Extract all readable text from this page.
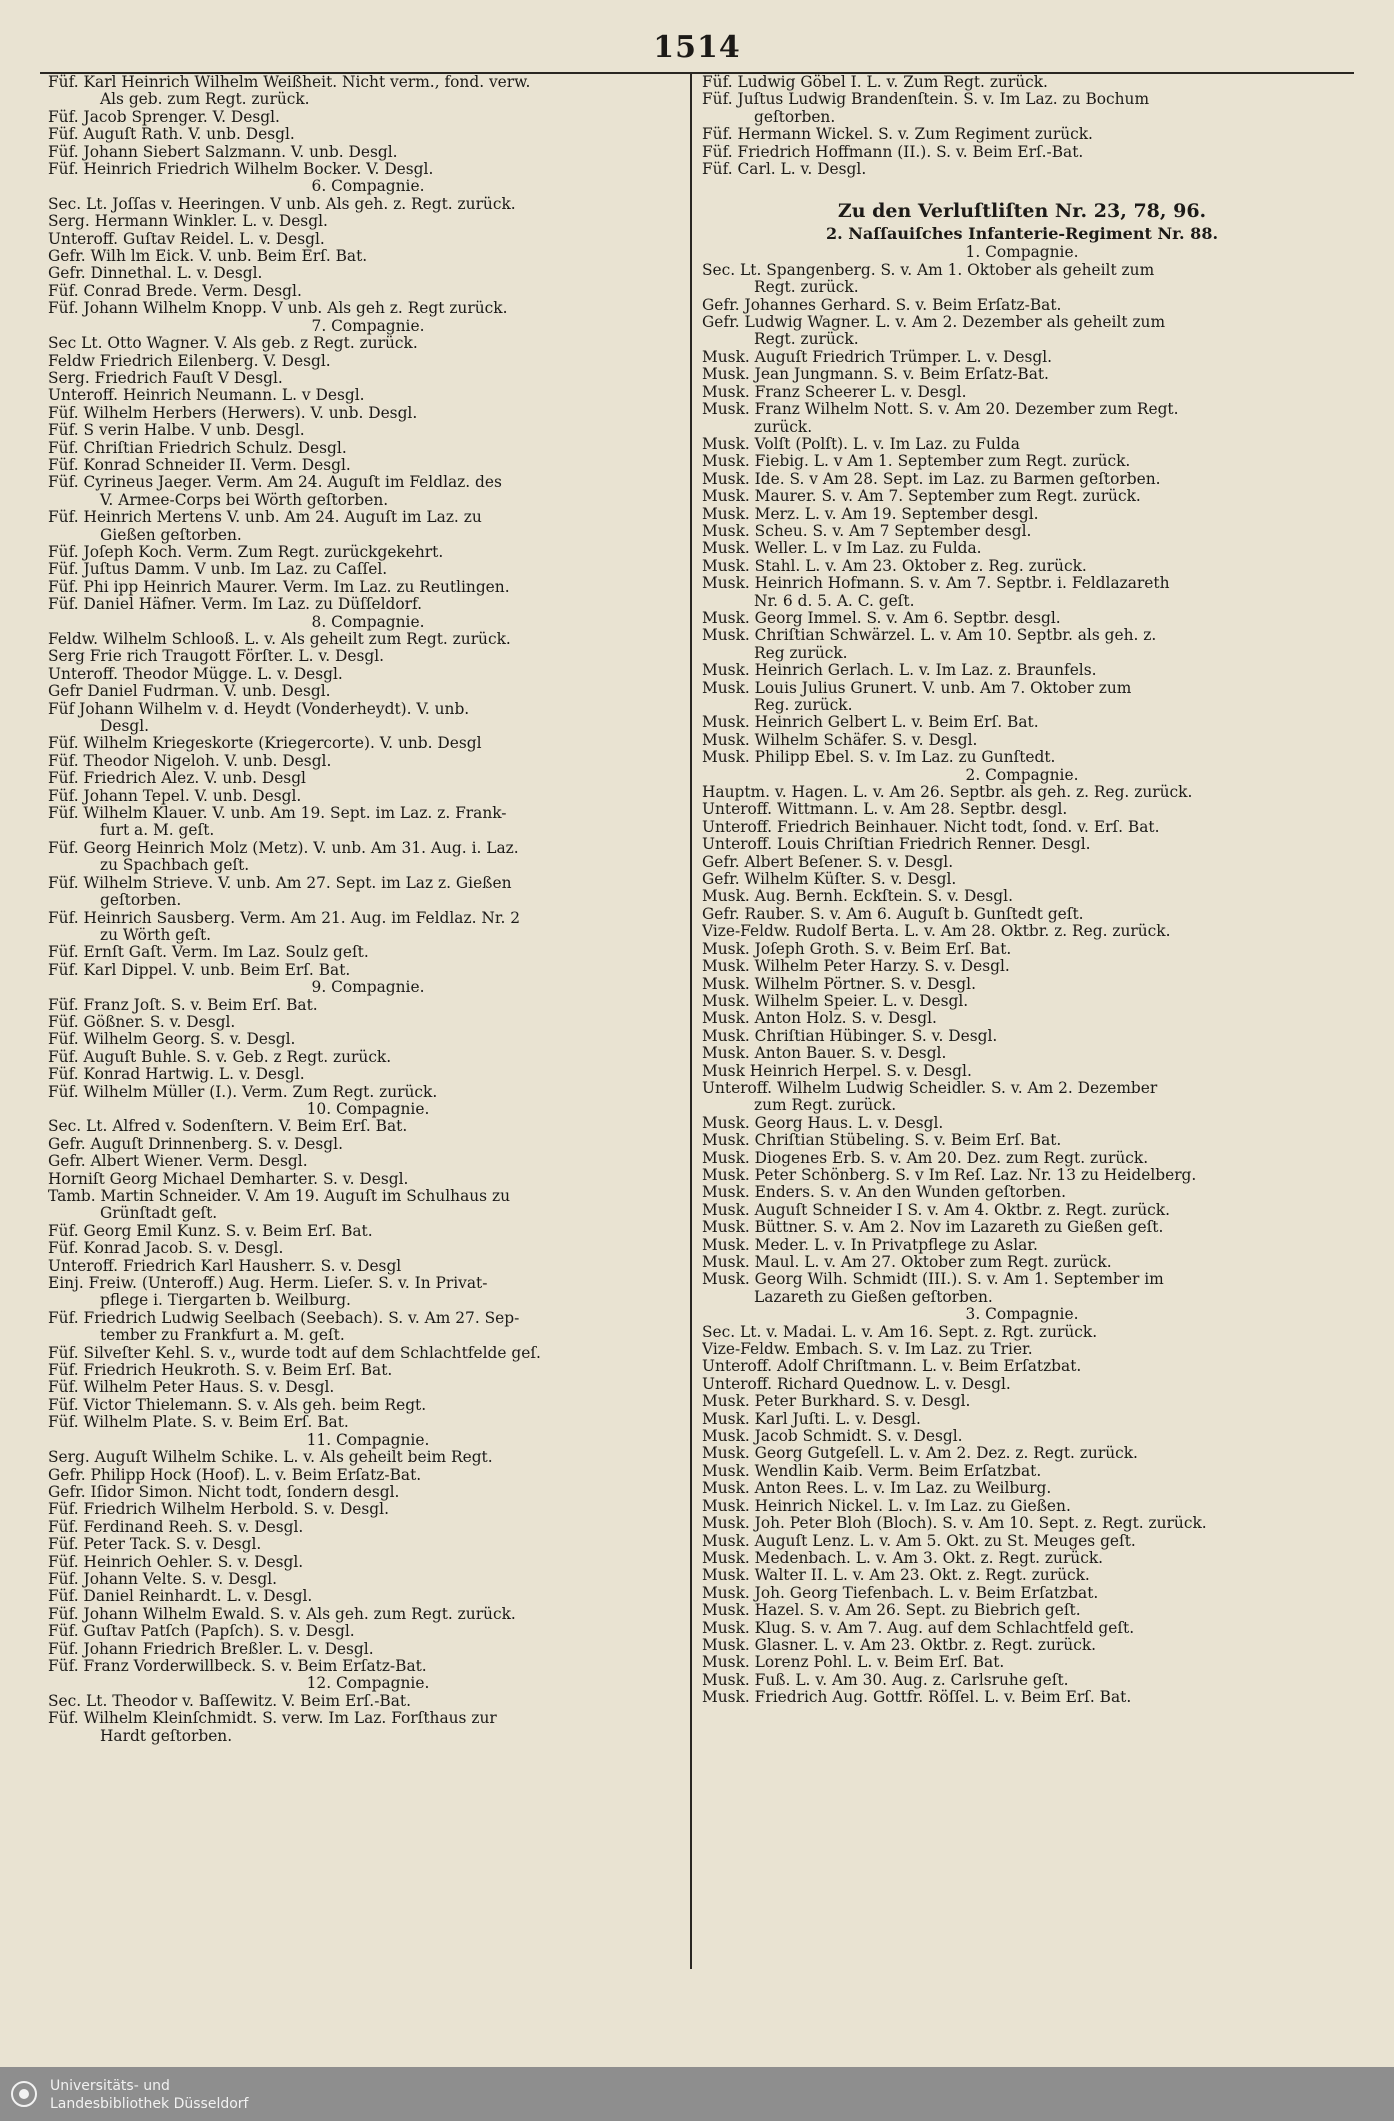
1514
Füf. Karl Heinrich Wilhelm Weißheit. Nicht verm., fond. verw.
Als geb. zum Regt. zurück.
Füf. Jacob Sprenger. V. Desgl.
Füf. Auguſt Rath. V. unb. Desgl.
Füf. Johann Siebert Salzmann. V. unb. Desgl.
Füf. Heinrich Friedrich Wilhelm Bocker. V. Desgl.
6. Compagnie.
Sec. Lt. Joſſas v. Heeringen. V unb. Als geh. z. Regt. zurück.
Serg. Hermann Winkler. L. v. Desgl.
Unteroff. Guſtav Reidel. L. v. Desgl.
Gefr. Wilh lm Eick. V. unb. Beim Erſ. Bat.
Gefr. Dinnethal. L. v. Desgl.
Füf. Conrad Brede. Verm. Desgl.
Füf. Johann Wilhelm Knopp. V unb. Als geh z. Regt zurück.
7. Compagnie.
Sec Lt. Otto Wagner. V. Als geb. z Regt. zurück.
Feldw Friedrich Eilenberg. V. Desgl.
Serg. Friedrich Fauſt V Desgl.
Unteroff. Heinrich Neumann. L. v Desgl.
Füf. Wilhelm Herbers (Herwers). V. unb. Desgl.
Füf. S verin Halbe. V unb. Desgl.
Füf. Chriſtian Friedrich Schulz. Desgl.
Füf. Konrad Schneider II. Verm. Desgl.
Füf. Cyrineus Jaeger. Verm. Am 24. Auguſt im Feldlaz. des
V. Armee-Corps bei Wörth geſtorben.
Füf. Heinrich Mertens V. unb. Am 24. Auguſt im Laz. zu
Gießen geſtorben.
Füf. Joſeph Koch. Verm. Zum Regt. zurückgekehrt.
Füf. Juſtus Damm. V unb. Im Laz. zu Caſſel.
Füf. Phi ipp Heinrich Maurer. Verm. Im Laz. zu Reutlingen.
Füf. Daniel Häfner. Verm. Im Laz. zu Düſſeldorf.
8. Compagnie.
Feldw. Wilhelm Schlooß. L. v. Als geheilt zum Regt. zurück.
Serg Frie rich Traugott Förſter. L. v. Desgl.
Unteroff. Theodor Mügge. L. v. Desgl.
Gefr Daniel Fudrman. V. unb. Desgl.
Füf Johann Wilhelm v. d. Heydt (Vonderheydt). V. unb.
Desgl.
Füf. Wilhelm Kriegeskorte (Kriegercorte). V. unb. Desgl
Füf. Theodor Nigeloh. V. unb. Desgl.
Füf. Friedrich Alez. V. unb. Desgl
Füf. Johann Tepel. V. unb. Desgl.
Füf. Wilhelm Klauer. V. unb. Am 19. Sept. im Laz. z. Frank-
furt a. M. geſt.
Füf. Georg Heinrich Molz (Metz). V. unb. Am 31. Aug. i. Laz.
zu Spachbach geſt.
Füf. Wilhelm Strieve. V. unb. Am 27. Sept. im Laz z. Gießen
geſtorben.
Füf. Heinrich Sausberg. Verm. Am 21. Aug. im Feldlaz. Nr. 2
zu Wörth geſt.
Füf. Ernſt Gaſt. Verm. Im Laz. Soulz geſt.
Füf. Karl Dippel. V. unb. Beim Erſ. Bat.
9. Compagnie.
Füf. Franz Joſt. S. v. Beim Erſ. Bat.
Füf. Gößner. S. v. Desgl.
Füf. Wilhelm Georg. S. v. Desgl.
Füf. Auguſt Buhle. S. v. Geb. z Regt. zurück.
Füf. Konrad Hartwig. L. v. Desgl.
Füf. Wilhelm Müller (I.). Verm. Zum Regt. zurück.
10. Compagnie.
Sec. Lt. Alfred v. Sodenſtern. V. Beim Erſ. Bat.
Gefr. Auguſt Drinnenberg. S. v. Desgl.
Gefr. Albert Wiener. Verm. Desgl.
Horniſt Georg Michael Demharter. S. v. Desgl.
Tamb. Martin Schneider. V. Am 19. Auguſt im Schulhaus zu
Grünſtadt geſt.
Füf. Georg Emil Kunz. S. v. Beim Erſ. Bat.
Füf. Konrad Jacob. S. v. Desgl.
Unteroff. Friedrich Karl Hausherr. S. v. Desgl
Einj. Freiw. (Unteroff.) Aug. Herm. Lieſer. S. v. In Privat-
pflege i. Tiergarten b. Weilburg.
Füf. Friedrich Ludwig Seelbach (Seebach). S. v. Am 27. Sep-
tember zu Frankfurt a. M. geſt.
Füf. Silveſter Kehl. S. v., wurde todt auf dem Schlachtfelde geſ.
Füf. Friedrich Heukroth. S. v. Beim Erſ. Bat.
Füf. Wilhelm Peter Haus. S. v. Desgl.
Füf. Victor Thielemann. S. v. Als geh. beim Regt.
Füf. Wilhelm Plate. S. v. Beim Erſ. Bat.
11. Compagnie.
Serg. Auguſt Wilhelm Schike. L. v. Als geheilt beim Regt.
Gefr. Philipp Hock (Hoof). L. v. Beim Erſatz-Bat.
Gefr. Iſidor Simon. Nicht todt, ſondern desgl.
Füf. Friedrich Wilhelm Herbold. S. v. Desgl.
Füf. Ferdinand Reeh. S. v. Desgl.
Füf. Peter Tack. S. v. Desgl.
Füf. Heinrich Oehler. S. v. Desgl.
Füf. Johann Velte. S. v. Desgl.
Füf. Daniel Reinhardt. L. v. Desgl.
Füf. Johann Wilhelm Ewald. S. v. Als geh. zum Regt. zurück.
Füf. Guſtav Patſch (Papſch). S. v. Desgl.
Füf. Johann Friedrich Breßler. L. v. Desgl.
Füf. Franz Vorderwillbeck. S. v. Beim Erſatz-Bat.
12. Compagnie.
Sec. Lt. Theodor v. Baſſewitz. V. Beim Erſ.-Bat.
Füf. Wilhelm Kleinſchmidt. S. verw. Im Laz. Forſthaus zur
Hardt geſtorben.
Füf. Ludwig Göbel I. L. v. Zum Regt. zurück.
Füf. Juſtus Ludwig Brandenſtein. S. v. Im Laz. zu Bochum
geſtorben.
Füf. Hermann Wickel. S. v. Zum Regiment zurück.
Füf. Friedrich Hoffmann (II.). S. v. Beim Erſ.-Bat.
Füf. Carl. L. v. Desgl.
Zu den Verluſtliſten Nr. 23, 78, 96.
2. Naſſauiſches Infanterie-Regiment Nr. 88.
1. Compagnie.
Sec. Lt. Spangenberg. S. v. Am 1. Oktober als geheilt zum
Regt. zurück.
Gefr. Johannes Gerhard. S. v. Beim Erſatz-Bat.
Gefr. Ludwig Wagner. L. v. Am 2. Dezember als geheilt zum
Regt. zurück.
Musk. Auguſt Friedrich Trümper. L. v. Desgl.
Musk. Jean Jungmann. S. v. Beim Erſatz-Bat.
Musk. Franz Scheerer L. v. Desgl.
Musk. Franz Wilhelm Nott. S. v. Am 20. Dezember zum Regt.
zurück.
Musk. Volſt (Polſt). L. v. Im Laz. zu Fulda
Musk. Fiebig. L. v Am 1. September zum Regt. zurück.
Musk. Ide. S. v Am 28. Sept. im Laz. zu Barmen geſtorben.
Musk. Maurer. S. v. Am 7. September zum Regt. zurück.
Musk. Merz. L. v. Am 19. September desgl.
Musk. Scheu. S. v. Am 7 September desgl.
Musk. Weller. L. v Im Laz. zu Fulda.
Musk. Stahl. L. v. Am 23. Oktober z. Reg. zurück.
Musk. Heinrich Hofmann. S. v. Am 7. Septbr. i. Feldlazareth
Nr. 6 d. 5. A. C. geſt.
Musk. Georg Immel. S. v. Am 6. Septbr. desgl.
Musk. Chriſtian Schwärzel. L. v. Am 10. Septbr. als geh. z.
Reg zurück.
Musk. Heinrich Gerlach. L. v. Im Laz. z. Braunfels.
Musk. Louis Julius Grunert. V. unb. Am 7. Oktober zum
Reg. zurück.
Musk. Heinrich Gelbert L. v. Beim Erſ. Bat.
Musk. Wilhelm Schäfer. S. v. Desgl.
Musk. Philipp Ebel. S. v. Im Laz. zu Gunſtedt.
2. Compagnie.
Hauptm. v. Hagen. L. v. Am 26. Septbr. als geh. z. Reg. zurück.
Unteroff. Wittmann. L. v. Am 28. Septbr. desgl.
Unteroff. Friedrich Beinhauer. Nicht todt, ſond. v. Erſ. Bat.
Unteroff. Louis Chriſtian Friedrich Renner. Desgl.
Gefr. Albert Beſener. S. v. Desgl.
Gefr. Wilhelm Küſter. S. v. Desgl.
Musk. Aug. Bernh. Eckſtein. S. v. Desgl.
Gefr. Rauber. S. v. Am 6. Auguſt b. Gunſtedt geſt.
Vize-Feldw. Rudolf Berta. L. v. Am 28. Oktbr. z. Reg. zurück.
Musk. Joſeph Groth. S. v. Beim Erſ. Bat.
Musk. Wilhelm Peter Harzy. S. v. Desgl.
Musk. Wilhelm Pörtner. S. v. Desgl.
Musk. Wilhelm Speier. L. v. Desgl.
Musk. Anton Holz. S. v. Desgl.
Musk. Chriſtian Hübinger. S. v. Desgl.
Musk. Anton Bauer. S. v. Desgl.
Musk Heinrich Herpel. S. v. Desgl.
Unteroff. Wilhelm Ludwig Scheidler. S. v. Am 2. Dezember
zum Regt. zurück.
Musk. Georg Haus. L. v. Desgl.
Musk. Chriſtian Stübeling. S. v. Beim Erſ. Bat.
Musk. Diogenes Erb. S. v. Am 20. Dez. zum Regt. zurück.
Musk. Peter Schönberg. S. v Im Reſ. Laz. Nr. 13 zu Heidelberg.
Musk. Enders. S. v. An den Wunden geſtorben.
Musk. Auguſt Schneider I S. v. Am 4. Oktbr. z. Regt. zurück.
Musk. Büttner. S. v. Am 2. Nov im Lazareth zu Gießen geſt.
Musk. Meder. L. v. In Privatpflege zu Aslar.
Musk. Maul. L. v. Am 27. Oktober zum Regt. zurück.
Musk. Georg Wilh. Schmidt (III.). S. v. Am 1. September im
Lazareth zu Gießen geſtorben.
3. Compagnie.
Sec. Lt. v. Madai. L. v. Am 16. Sept. z. Rgt. zurück.
Vize-Feldw. Embach. S. v. Im Laz. zu Trier.
Unteroff. Adolf Chriſtmann. L. v. Beim Erſatzbat.
Unteroff. Richard Quednow. L. v. Desgl.
Musk. Peter Burkhard. S. v. Desgl.
Musk. Karl Juſti. L. v. Desgl.
Musk. Jacob Schmidt. S. v. Desgl.
Musk. Georg Gutgeſell. L. v. Am 2. Dez. z. Regt. zurück.
Musk. Wendlin Kaib. Verm. Beim Erſatzbat.
Musk. Anton Rees. L. v. Im Laz. zu Weilburg.
Musk. Heinrich Nickel. L. v. Im Laz. zu Gießen.
Musk. Joh. Peter Bloh (Bloch). S. v. Am 10. Sept. z. Regt. zurück.
Musk. Auguſt Lenz. L. v. Am 5. Okt. zu St. Meuges geſt.
Musk. Medenbach. L. v. Am 3. Okt. z. Regt. zurück.
Musk. Walter II. L. v. Am 23. Okt. z. Regt. zurück.
Musk. Joh. Georg Tiefenbach. L. v. Beim Erſatzbat.
Musk. Hazel. S. v. Am 26. Sept. zu Biebrich geſt.
Musk. Klug. S. v. Am 7. Aug. auf dem Schlachtfeld geſt.
Musk. Glasner. L. v. Am 23. Oktbr. z. Regt. zurück.
Musk. Lorenz Pohl. L. v. Beim Erſ. Bat.
Musk. Fuß. L. v. Am 30. Aug. z. Carlsruhe geſt.
Musk. Friedrich Aug. Gottfr. Röſſel. L. v. Beim Erſ. Bat.
Universitäts- und
Landesbibliothek Düsseldorf
